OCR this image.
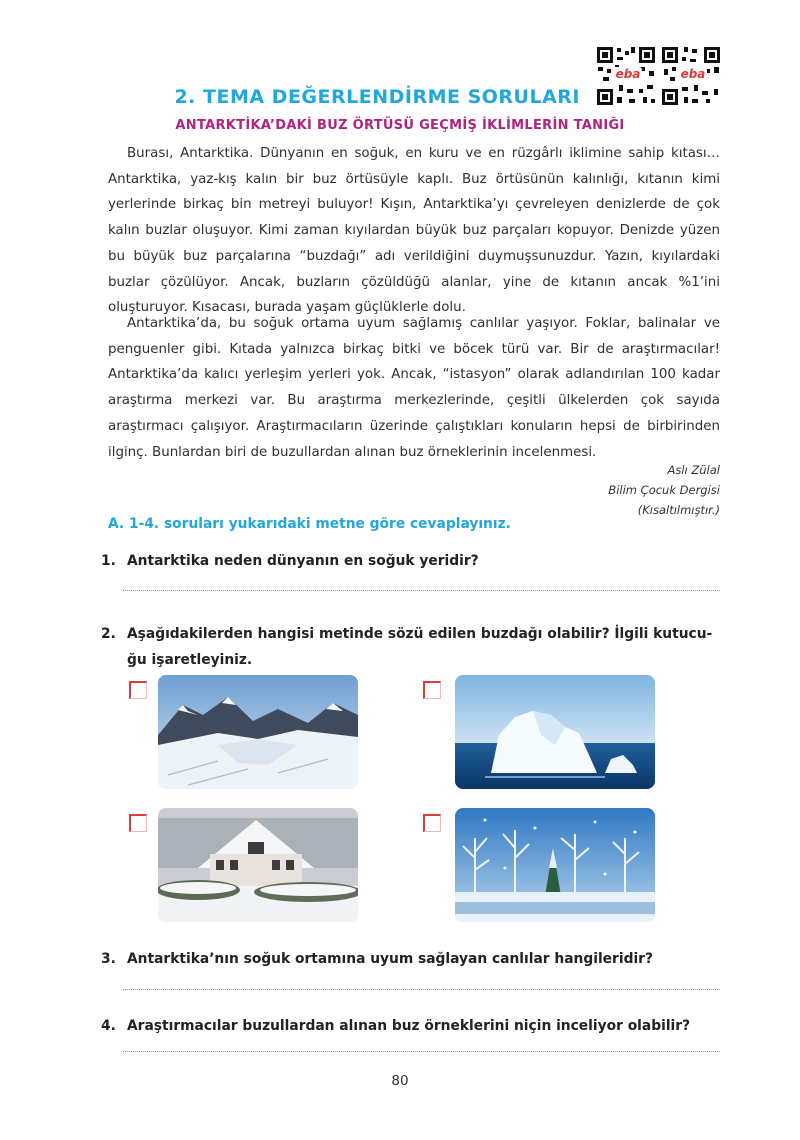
eba	eba
2. TEMA DEĞERLENDİRME SORULARI
ANTARKTİKA’DAKİ BUZ ÖRTÜSÜ GEÇMİŞ İKLİMLERİN TANIĞI

Burası, Antarktika. Dünyanın en soğuk, en kuru ve en rüzgârlı iklimine sahip kıtası… Antarktika, yaz-kış kalın bir buz örtüsüyle kaplı. Buz örtüsünün kalınlığı, kıtanın kimi yerlerinde birkaç bin metreyi buluyor! Kışın, Antarktika’yı çevreleyen denizlerde de çok kalın buzlar oluşuyor. Kimi zaman kıyılardan büyük buz parçaları kopuyor. Denizde yüzen bu büyük buz parçalarına “buzdağı” adı verildiğini duymuşsunuzdur. Yazın, kıyılardaki buzlar çözülüyor. Ancak, buzların çözüldüğü alanlar, yine de kıtanın ancak %1’ini oluşturuyor. Kısacası, burada yaşam güçlüklerle dolu.

Antarktika’da, bu soğuk ortama uyum sağlamış canlılar yaşıyor. Foklar, balinalar ve penguenler gibi. Kıtada yalnızca birkaç bitki ve böcek türü var. Bir de araştırmacılar! Antarktika’da kalıcı yerleşim yerleri yok. Ancak, “istasyon” olarak adlandırılan 100 kadar araştırma merkezi var. Bu araştırma merkezlerinde, çeşitli ülkelerden çok sayıda araştırmacı çalışıyor. Araştırmacıların üzerinde çalıştıkları konuların hepsi de birbirinden ilginç. Bunlardan biri de buzullardan alınan buz örneklerinin incelenmesi.

Aslı Zülal
Bilim Çocuk Dergisi
(Kısaltılmıştır.)
A. 1-4. soruları yukarıdaki metne göre cevaplayınız.
1. Antarktika neden dünyanın en soğuk yeridir?
2. Aşağıdakilerden hangisi metinde sözü edilen buzdağı olabilir? İlgili kutucu-
ğu işaretleyiniz.
3. Antarktika’nın soğuk ortamına uyum sağlayan canlılar hangileridir?
4. Araştırmacılar buzullardan alınan buz örneklerini niçin inceliyor olabilir?
80
